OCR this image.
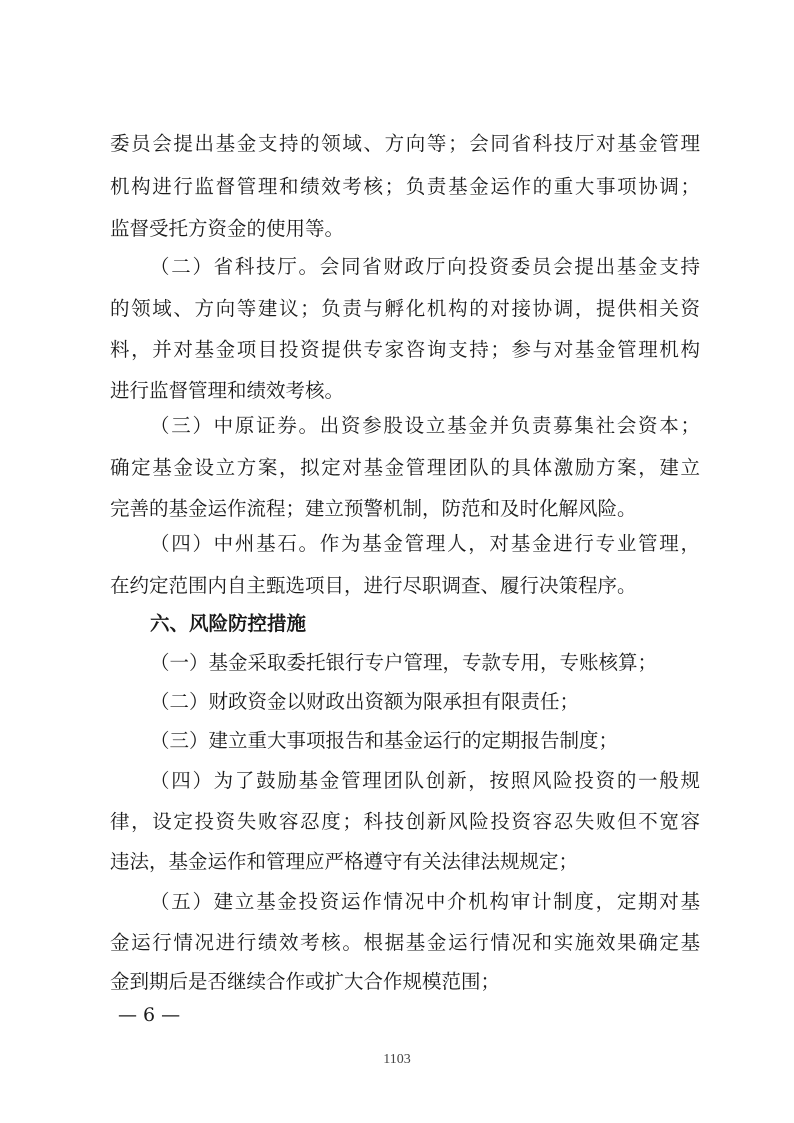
委员会提出基金支持的领域、方向等；会同省科技厅对基金管理
机构进行监督管理和绩效考核；负责基金运作的重大事项协调；
监督受托方资金的使用等。
（二）省科技厅。会同省财政厅向投资委员会提出基金支持
的领域、方向等建议；负责与孵化机构的对接协调，提供相关资
料，并对基金项目投资提供专家咨询支持；参与对基金管理机构
进行监督管理和绩效考核。
（三）中原证券。出资参股设立基金并负责募集社会资本；
确定基金设立方案，拟定对基金管理团队的具体激励方案，建立
完善的基金运作流程；建立预警机制，防范和及时化解风险。
（四）中州基石。作为基金管理人，对基金进行专业管理，
在约定范围内自主甄选项目，进行尽职调查、履行决策程序。
六、风险防控措施
（一）基金采取委托银行专户管理，专款专用，专账核算；
（二）财政资金以财政出资额为限承担有限责任；
（三）建立重大事项报告和基金运行的定期报告制度；
（四）为了鼓励基金管理团队创新，按照风险投资的一般规
律，设定投资失败容忍度；科技创新风险投资容忍失败但不宽容
违法，基金运作和管理应严格遵守有关法律法规规定；
（五）建立基金投资运作情况中介机构审计制度，定期对基
金运行情况进行绩效考核。根据基金运行情况和实施效果确定基
金到期后是否继续合作或扩大合作规模范围；
— 6 —
1103
